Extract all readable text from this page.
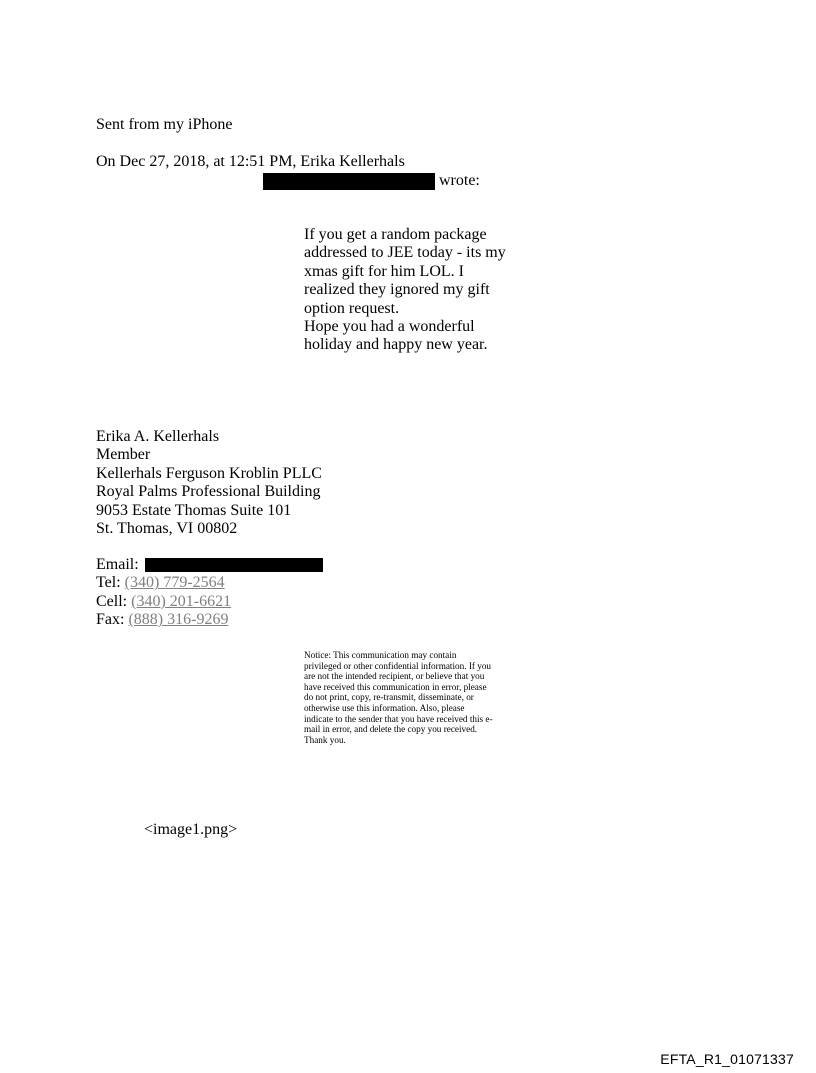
Sent from my iPhone
On Dec 27, 2018, at 12:51 PM, Erika Kellerhals
wrote:
If you get a random package
addressed to JEE today - its my
xmas gift for him LOL. I
realized they ignored my gift
option request.
Hope you had a wonderful
holiday and happy new year.
Erika A. Kellerhals
Member
Kellerhals Ferguson Kroblin PLLC
Royal Palms Professional Building
9053 Estate Thomas Suite 101
St. Thomas, VI 00802
Email:
Tel: (340) 779-2564
Cell: (340) 201-6621
Fax: (888) 316-9269
Notice: This communication may contain
privileged or other confidential information. If you
are not the intended recipient, or believe that you
have received this communication in error, please
do not print, copy, re-transmit, disseminate, or
otherwise use this information. Also, please
indicate to the sender that you have received this e-
mail in error, and delete the copy you received.
Thank you.
<image1.png>
EFTA_R1_01071337
